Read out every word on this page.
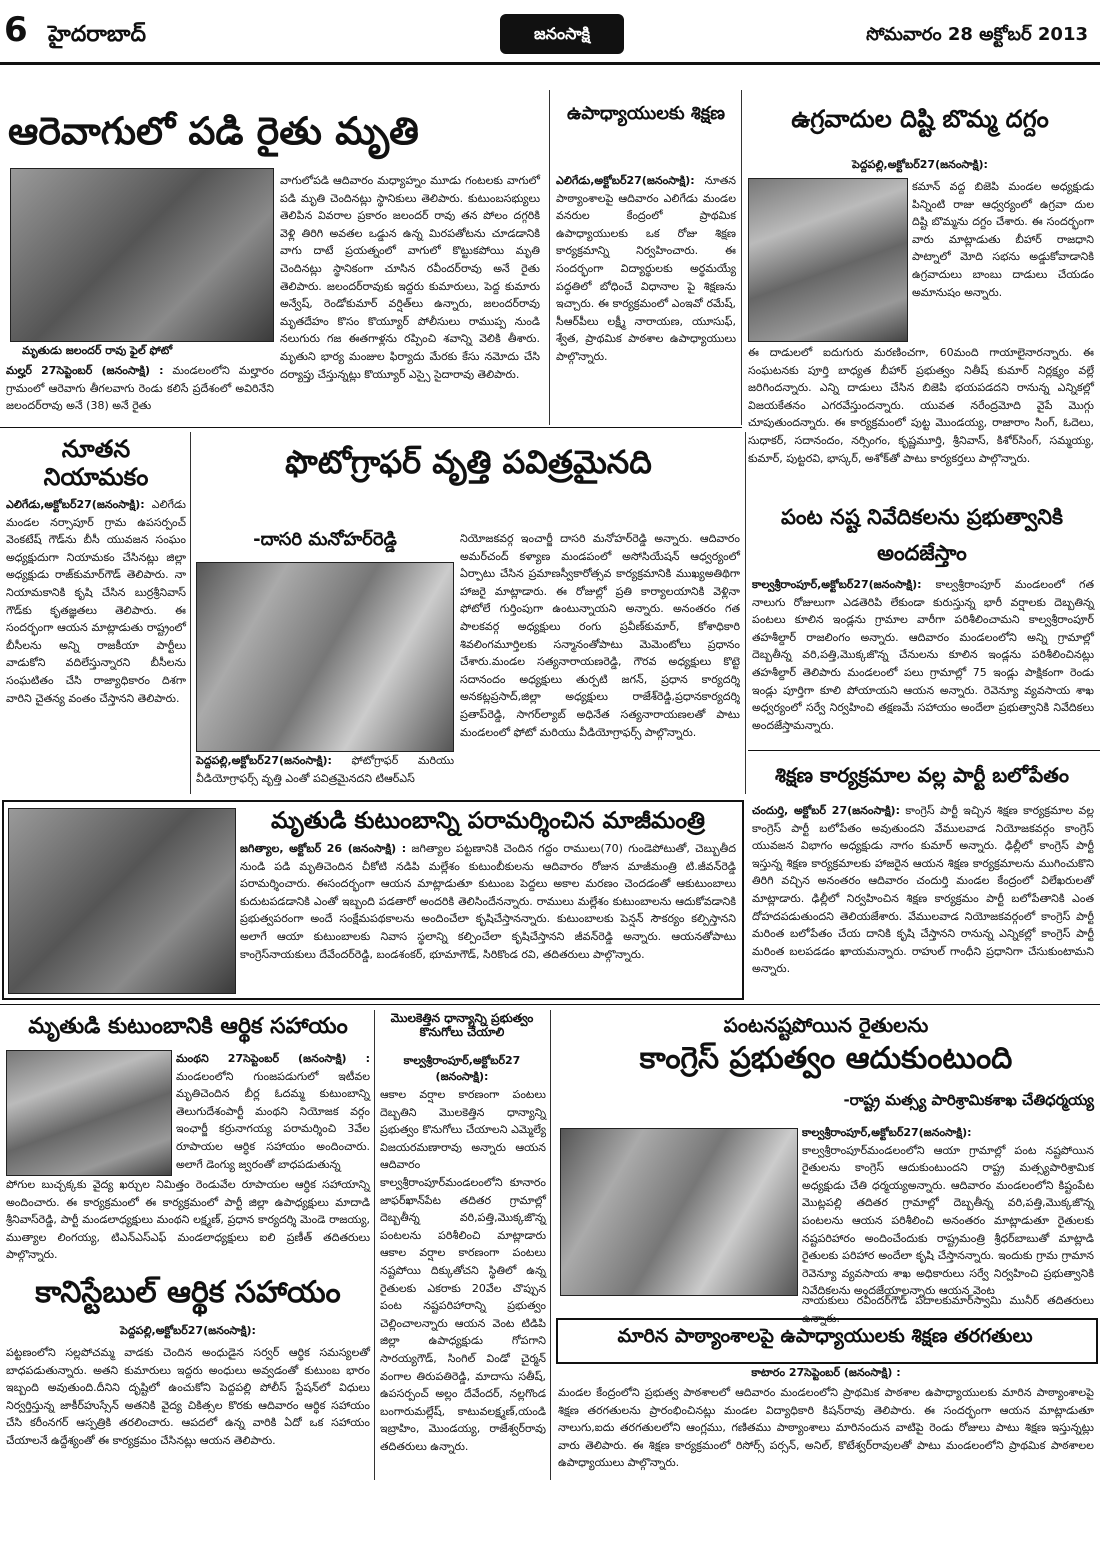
6 హైదరాబాద్	జనంసాక్షి	సోమవారం 28 అక్టోబర్ 2013
ఆరెవాగులో పడి రైతు మృతి
మృతుడు జలందర్ రావు ఫైల్ ఫోటో
మల్హర్ 27సెప్టెంబర్ (జనంసాక్షి) : మండలంలోని మల్హారం గ్రామంలో ఆరెవాగు తీగలవాగు రెండు కలిసే ప్రదేశంలో అవిరినేని జలందర్‌రావు అనే (38) అనే రైతు
వాగులోపడి ఆదివారం మధ్యాహ్నం మూడు గంటలకు వాగులో పడి మృతి చెందినట్లు స్థానికులు తెలిపారు. కుటుంబసభ్యులు తెలిపిన వివరాల ప్రకారం జలందర్ రావు తన పోలం దగ్గరికి వెళ్లి తిరిగి అవతల ఒడ్డున ఉన్న మిరపతోటను చూడడానికి వాగు దాటే ప్రయత్నంలో వాగులో కొట్టుకపోయి మృతి చెందినట్లు స్థానికంగా చూసిన రవీందర్‌రావు అనే రైతు తెలిపారు. జలందర్‌రావుకు ఇద్దరు కుమారులు, పెద్ద కుమారు అన్వేష్, రెండోకుమార్ వర్షిత్‌లు ఉన్నారు, జలందర్‌రావు మృతదేహం కొసం కొయ్యూర్ పోలీసులు రాముప్ప నుండి నలుగురు గజ ఈతగాళ్లను రప్పించి శవాన్ని వెలికి తీశారు. మృతుని భార్య మంజుల ఫిర్యాదు మేరకు కేసు నమోదు చేసి దర్యాప్తు చేస్తున్నట్లు కొయ్యూర్ ఎస్సై సైదారావు తెలిపారు.
ఉపాధ్యాయులకు శిక్షణ
ఎలిగేడు,అక్టోబర్27(జనంసాక్షి): నూతన పాఠ్యాంశాలపై ఆదివారం ఎలిగేడు మండల వనరుల కేంద్రంలో ప్రాథమిక ఉపాధ్యాయులకు ఒక రోజు శిక్షణ కార్యక్రమాన్ని నిర్వహించారు. ఈ సందర్భంగా విద్యార్థులకు అర్థమయ్యే పద్ధతిలో బోధించే విధానాల పై శిక్షణను ఇచ్చారు. ఈ కార్యక్రమంలో ఎంఇవో రమేష్, సీఆర్‌పీలు లక్ష్మీ నారాయణ, యూసుఫ్, శ్వేత, ప్రాథమిక పాఠశాల ఉపాధ్యాయులు పాల్గొన్నారు.
ఉగ్రవాదుల దిష్టి బొమ్మ దగ్దం
పెద్దపల్లి,అక్టోబర్27(జనంసాక్షి):
కమాన్ వద్ద బిజెపి మండల అధ్యక్షుడు పిన్నింటి రాజు ఆధ్వర్యంలో ఉగ్రవా దుల దిష్టి బొమ్మను దగ్దం చేశారు. ఈ సందర్భంగా వారు మాట్లాడుతు బీహార్ రాజధాని పాట్నాలో మోది సభను అడ్డుకోవాడానికి ఉగ్రవాదులు బాంబు దాడులు చేయడం అమానుషం అన్నారు.
ఈ దాడులలో ఐదుగురు మరణించగా, 60మంది గాయాలైనారన్నారు. ఈ సంఘటనకు పూర్తి బాధ్యత బీహార్ ప్రభుత్వం నితీష్ కుమార్ నిర్లక్ష్యం వల్లే జరిగిందన్నారు. ఎన్ని దాడులు చేసిన బిజెపి భయపడదని రానున్న ఎన్నికల్లో విజయకేతనం ఎగరవేస్తుందన్నారు. యువత నరేంద్రమోది వైపే మొగ్గు చూపుతుందన్నారు. ఈ కార్యక్రమంలో పుట్ట మొండయ్య, రాజారాం సింగ్, ఓదెలు, సుధాకర్, సదానందం, నర్సింగం, కృష్ణమూర్తి, శ్రీనివాస్, కిశోర్‌సింగ్, సమ్మయ్య, కుమార్, పుట్టరవి, భాస్కర్, అశోక్‌తో పాటు కార్యకర్తలు పాల్గొన్నారు.
నూతన నియామకం
ఎలిగేడు,అక్టోబర్27(జనంసాక్షి): ఎలిగేడు మండల నర్సాపూర్ గ్రామ ఉపసర్పంచ్ వెంకటేష్ గౌడ్‌ను బీసీ యువజన సంఘం అధ్యక్షుదుగా నియామకం చేసినట్లు జిల్లా అధ్యక్షుడు రాజ్‌కుమార్‌గౌడ్ తెలిపారు. నా నియామకానికి కృషి చేసిన బుర్రశ్రీనివాస్ గౌడ్‌కు కృతజ్ఞతలు తెలిపారు. ఈ సందర్భంగా ఆయన మాట్లాడుతు రాష్ట్రంలో బీసీలను అన్ని రాజకీయా పార్టీలు వాడుకోని వదిలేస్తున్నారని బీసీలను సంఘటితం చేసి రాజ్యాధికారం దిశగా వారిని చైతన్య వంతం చేస్తానని తెలిపారు.
ఫొటోగ్రాఫర్ వృత్తి పవిత్రమైనది
-దాసరి మనోహర్‌రెడ్డి
పెద్దపల్లి,అక్టోబర్27(జనంసాక్షి): ఫోటోగ్రాఫర్ మరియు వీడియోగ్రాఫర్స్ వృత్తి ఎంతో పవిత్రమైనదని టిఆర్ఎస్
నియోజకవర్గ ఇంచార్జీ దాసరి మనోహర్‌రెడ్డి అన్నారు. ఆదివారం అమర్‌చంద్ కళ్యాణ మండపంలో అసోసియేషన్ ఆధ్వర్యంలో ఏర్పాటు చేసిన ప్రమాణస్వీకారోత్సవ కార్యక్రమానికి ముఖ్యఅతిథిగా హాజరై మాట్లాడారు. ఈ రోజుల్లో ప్రతి కార్యాలయానికి వెళ్లినా ఫోటోలే గుర్తింపుగా ఉంటున్నాయని అన్నారు. అనంతరం గత పాలకవర్గ అధ్యక్షులు రంగు ప్రవీణ్‌కుమార్, కోశాధికారి శివలింగమూర్తిలకు సన్మానంతోపాటు మెమెంటోలు ప్రధానం చేశారు.మండల సత్యనారాయణరెడ్డి, గౌరవ అధ్యక్షులు కొట్టె సదానందం అధ్యక్షులు తుర్పటి జగన్, ప్రధాన కార్యదర్శి అనకట్లప్రసాద్,జిల్లా అధ్యక్షులు రాజేశ్‌రెడ్డి,ప్రధానకార్యదర్శి ప్రతాప్‌రెడ్డి, సాగర్‌ల్యాబ్ అధినేత సత్యనారాయణలతో పాటు మండలంలో ఫోటో మరియు వీడియోగ్రాఫర్స్ పాల్గొన్నారు.
పంట నష్ట నివేదికలను ప్రభుత్వానికి అందజేస్తాం
కాల్వశ్రీరాంపూర్,అక్టోబర్27(జనంసాక్షి): కాల్వశ్రీరాంపూర్ మండలంలో గత నాలుగు రోజులుగా ఎడతెరిపి లేకుండా కురుస్తున్న భారీ వర్షాలకు దెబ్బతిన్న పంటలు కూలిన ఇండ్లను గ్రామాల వారీగా పరిశీలించామని కాల్వశ్రీరాంపూర్ తహశీల్దార్ రాజలింగం అన్నారు. ఆదివారం మండలంలోని అన్ని గ్రామాల్లో దెబ్బతీన్న వరి,పత్తి,మొక్కజొన్న చేనులను కూలిన ఇండ్లను పరిశీలించినట్లు తహశీల్దార్ తెలిపారు మండలంలో పలు గ్రామాల్లో 75 ఇండ్లు పాక్షికంగా రెండు ఇండ్లు పూర్తిగా కూలి పోయాయని ఆయన అన్నారు. రెవెన్యూ వ్యవసాయ శాఖ అధ్వర్యంలో సర్వే నిర్వహించి తక్షణమే సహాయం అందేలా ప్రభుత్వానికి నివేదికలు అందజేస్తామన్నారు.
శిక్షణ కార్యక్రమాల వల్ల పార్టీ బలోపేతం
చందుర్తి, అక్టోబర్ 27(జనంసాక్షి): కాంగ్రెస్ పార్టీ ఇచ్చిన శిక్షణ కార్యక్రమాల వల్ల కాంగ్రెస్ పార్టీ బలోపేతం అవుతుందని వేములవాడ నియోజకవర్గం కాంగ్రెస్ యువజన విభాగం అధ్యక్షుడు నాగం కుమార్ అన్నారు. ఢిల్లీలో కాంగ్రెస్ పార్టీ ఇస్తున్న శిక్షణ కార్యక్రమాలకు హాజరైన ఆయన శిక్షణ కార్యక్రమాలను ముగించుకొని తిరిగి వచ్చిన అనంతరం ఆదివారం చందుర్తి మండల కేంద్రంలో విలేఖరులతో మాట్లాడారు. ఢిల్లీలో నిర్వహించిన శిక్షణ కార్యక్రమం పార్టీ బలోపేతానికి ఎంత దోహదపడుతుందని తెలియజేశారు. వేములవాడ నియోజకవర్గంలో కాంగ్రెస్ పార్టీ మరింత బలోపేతం చేయ దానికి కృషి చేస్తానని రానున్న ఎన్నికల్లో కాంగ్రెస్ పార్టీ మరింత బలపడడం ఖాయమన్నారు. రాహుల్ గాంధీని ప్రధానిగా చేసుకుంటామని అన్నారు.
మృతుడి కుటుంబాన్ని పరామర్శించిన మాజీమంత్రి
జగిత్యాల, అక్టోబర్ 26 (జనంసాక్షి) : జగిత్యాల పట్టణానికి చెందిన గద్దం రాములు(70) గుండెపోటుతో, చెబ్బుతీద నుండి పడి మృతిచెందిన చీకోటి నడిపి మల్లేశం కుటుంబీకులను ఆదివారం రోజున మాజీమంత్రి టి.జీవన్‌రెడ్డి పరామర్శించారు. ఈసందర్భంగా ఆయన మాట్లాడుతూ కుటుంబ పెద్దలు అకాల మరణం చెందడంతో ఆకుటుంబాలు కుదుటపడడానికి ఎంతో ఇబ్బంది పడతారో అందరికి తెలిసిందేనన్నారు. రాములు మల్లేశం కుటుంబాలను ఆదుకోవడానికి ప్రభుత్వపరంగా అందే సంక్షేమపథకాలను అందించేలా కృషిచేస్తానన్నారు. కుటుంబాలకు పెన్షన్ సౌకర్యం కల్పిస్తానని అలాగే ఆయా కుటుంబాలకు నివాస స్థలాన్ని కల్పించేలా కృషిచేస్తానని జీవన్‌రెడ్డి అన్నారు. ఆయనతోపాటు కాంగ్రెస్‌నాయకులు దేవేందర్‌రెడ్డి, బండశంకర్, భూమాగౌడ్, సిరికొండ రవి, తదితరులు పాల్గొన్నారు.
మృతుడి కుటుంబానికి ఆర్థిక సహాయం
మంథని 27సెప్టెంబర్ (జనంసాక్షి) : మండలంలోని గుంజపడుగులో ఇటీవల మృతిచెందిన బీర్ల ఓదమ్మ కుటుంబాన్ని తెలుగుదేశంపార్టీ మంథని నియోజక వర్గం ఇంఛార్జీ కర్రునాగయ్య పరామర్శించి 3వేల రూపాయల ఆర్ధిక సహాయం అందించారు. అలాగే డెంగ్యు జ్వరంతో బాధపడుతున్న
పోగుల బుచ్చక్కకు వైద్య ఖర్చుల నిమిత్తం రెండువేల రూపాయల ఆర్ధిక సహాయాన్ని అందించారు. ఈ కార్యక్రమంలో ఈ కార్యక్రమంలో పార్టీ జిల్లా ఉపాధ్యక్షులు మాదాడి శ్రీనివాస్‌రెడ్డి, పార్టీ మండలాధ్యక్షులు మంథని లక్ష్మణ్, ప్రధాన కార్యదర్శి మెండె రాజయ్య, ముత్యాల లింగయ్య, టిఎన్ఎస్ఎఫ్ మండలాధ్యక్షులు ఐలి ప్రణీత్ తదితరులు పాల్గొన్నారు.
కానిస్టేబుల్ ఆర్థిక సహాయం
పెద్దపల్లి,అక్టోబర్27(జనంసాక్షి):
పట్టణంలోని సల్లపోచమ్మ వాడకు చెందిన అంధుడైన సర్వర్ ఆర్థిక సమస్యలతో బాధపడుతున్నారు. అతని కుమారులు ఇద్దరు అంధులు అవ్వడంతో కుటుంబ భారం ఇబ్బంది అవుతుంది.దీనిని దృష్టిలో ఉంచుకోని పెద్దపల్లి పోలీస్ స్టేషన్‌లో విధులు నిర్వర్తిస్తున్న జాకీర్‌హుస్సేన్ అతనికి వైద్య చికిత్సల కొరకు ఆదివారం ఆర్థిక సహాయం చేసి కరీంనగర్ ఆస్పత్రికి తరలించారు. ఆపదలో ఉన్న వారికి ఏదో ఒక సహాయం చేయాలనే ఉద్దేశ్యంతో ఈ కార్యక్రమం చేసినట్లు ఆయన తెలిపారు.
మొలకెత్తిన ధాన్యాన్ని ప్రభుత్వం కొనుగోలు చేయాలి
కాల్వశ్రీరాంపూర్,అక్టోబర్27 (జనంసాక్షి):
ఆకాల వర్షాల కారణంగా పంటలు దెబ్బతిని మొలకెత్తిన ధాన్యాన్ని ప్రభుత్వం కొనుగోలు చేయాలని ఎమ్మెల్యే విజయరమణారావు అన్నారు ఆయన ఆదివారం కాల్వశ్రీరాంపూర్‌మండలంలోని కూనారం జాఫర్‌ఖాన్‌పేట తదితర గ్రామాల్లో దెబ్బతీన్న వరి,పత్తి,మొక్కజొన్న పంటలను పరిశీలించి మాట్లాడారు ఆకాల వర్షాల కారణంగా పంటలు నష్టపోయి దిక్కుతోచని స్థితిలో ఉన్న రైతులకు ఎకరాకు 20వేల చొప్పున పంట నష్టపరిహారాన్ని ప్రభుత్వం చెల్లించాలన్నారు ఆయన వెంట టిడిపి జిల్లా ఉపాధ్యక్షుడు గోపగాని సారయ్యగౌడ్, సింగిల్ విండో చైర్మన్ వంగాల తిరుపతిరెడ్డి, మాదాసు సతీష్, ఉపసర్పంచ్ అల్లం దేవేందర్, నల్లగొండ బంగారుమల్లేష్, కాటువలక్ష్మణ్,యండి ఇబ్రాహిం, మొండయ్య, రాజేశ్వర్‌రావు తదితరులు ఉన్నారు.
పంటనష్టపోయిన రైతులను
కాంగ్రెస్ ప్రభుత్వం ఆదుకుంటుంది
-రాష్ట్ర మత్స్య పారిశ్రామికశాఖ చేతిధర్మయ్య
కాల్వశ్రీరాంపూర్,అక్టోబర్27(జనంసాక్షి): కాల్వశ్రీరాంపూర్‌మండలంలోని ఆయా గ్రామాల్లో పంట నష్టపోయిన రైతులను కాంగ్రెస్ ఆదుకుంటుందని రాష్ట్ర మత్స్యపారిశ్రామిక అధ్యక్షుడు చేతి ధర్మయ్యఅన్నారు. ఆదివారం మండలంలోని కిష్టంపేట మొట్లపల్లి తదితర గ్రామాల్లో దెబ్బతీన్న వరి,పత్తి,మొక్కజొన్న పంటలను ఆయన పరిశీలించి అనంతరం మాట్లాడుతూ రైతులకు నష్టపరిహారం అందించేందుకు రాష్ట్రమంత్రి శ్రీధర్‌బాబుతో మాట్లాడి రైతులకు పరిహార అందేలా కృషి చేస్తానన్నారు. ఇందుకు గ్రామ గ్రామాన రెవెన్యూ వ్యవసాయ శాఖ అధికారులు సర్వే నిర్వహించి ప్రభుత్వానికి నివేదికలను అందజేయాలన్నారు ఆయన వెంట
నాయకులు రవీందర్‌గౌడ్ పదాలకుమార్‌స్వామి మునీర్ తదితరులు ఉన్నారు.
మారిన పాఠ్యాంశాలపై ఉపాధ్యాయులకు శిక్షణ తరగతులు
కాటారం 27సెప్టెంబర్ (జనంసాక్షి) :
మండల కేంద్రంలోని ప్రభుత్వ పాఠశాలలో ఆదివారం మండలంలోని ప్రాథమిక పాఠశాల ఉపాధ్యాయులకు మారిన పాఠ్యాంశాలపై శిక్షణ తరగతులను ప్రారంభించినట్లు మండల విద్యాధికారి కిషన్‌రావు తెలిపారు. ఈ సందర్భంగా ఆయన మాట్లాడుతూ నాలుగు,ఐదు తరగతులలోని ఆంగ్లము, గణితము పాఠ్యాంశాలు మారినందున వాటిపై రెండు రోజులు పాటు శిక్షణ ఇస్తున్నట్లు వారు తెలిపారు. ఈ శిక్షణ కార్యక్రమంలో రిసోర్స్ పర్సన్, అనిల్, కొటేశ్వర్‌రావులతో పాటు మండలంలోని ప్రాథమిక పాఠశాలల ఉపాధ్యాయులు పాల్గొన్నారు.
